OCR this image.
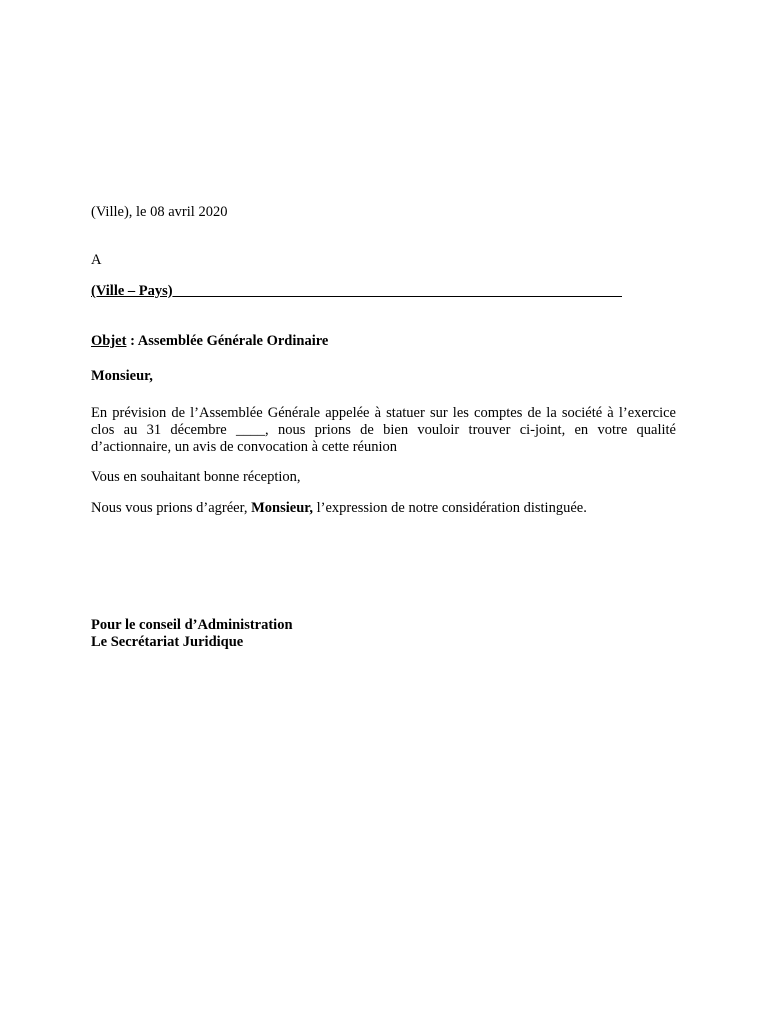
(Ville), le 08 avril 2020
A
(Ville – Pays)
Objet : Assemblée Générale Ordinaire
Monsieur,
En prévision de l’Assemblée Générale appelée à statuer sur les comptes de la société à l’exercice clos au 31 décembre ____, nous prions de bien vouloir trouver ci-joint, en votre qualité d’actionnaire, un avis de convocation à cette réunion
Vous en souhaitant bonne réception,
Nous vous prions d’agréer, Monsieur, l’expression de notre considération distinguée.
Pour le conseil d’Administration
Le Secrétariat Juridique
